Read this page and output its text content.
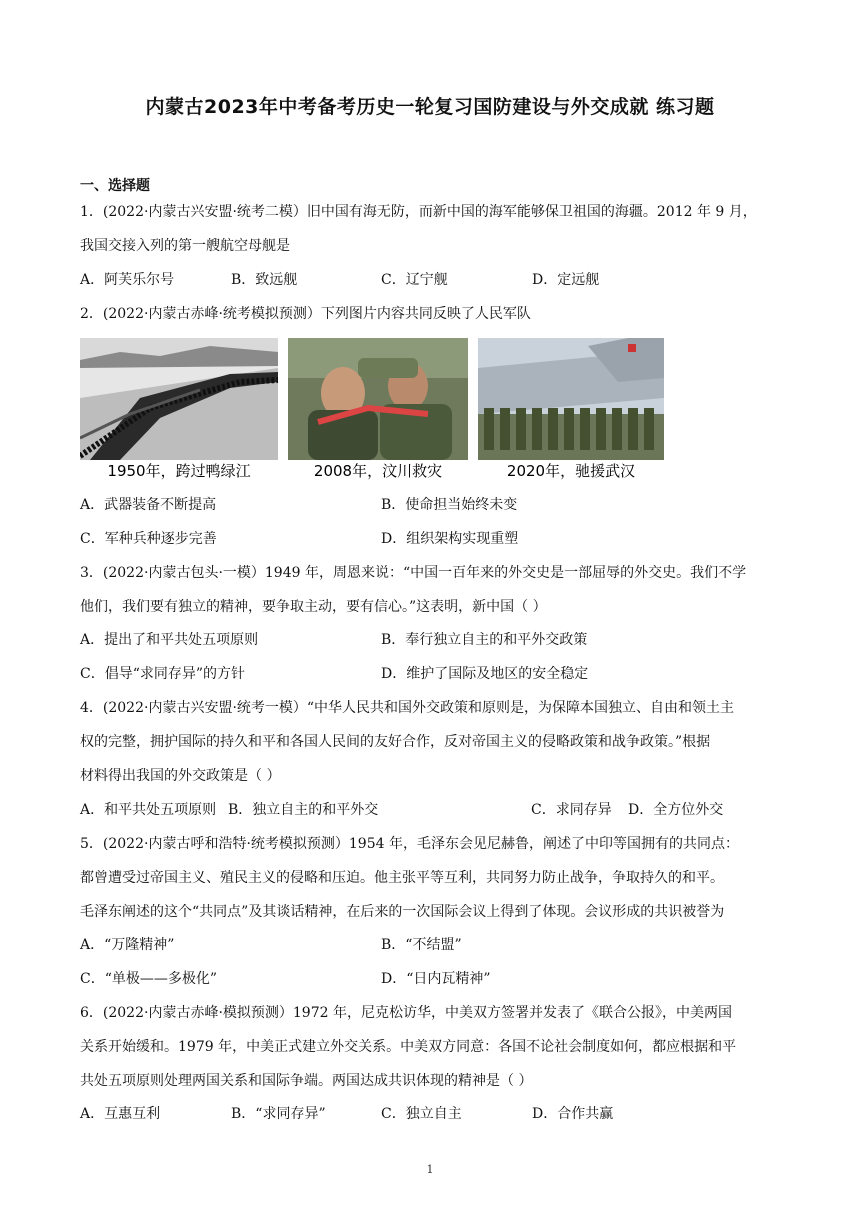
内蒙古2023年中考备考历史一轮复习国防建设与外交成就 练习题
一、选择题
1．(2022·内蒙古兴安盟·统考二模）旧中国有海无防，而新中国的海军能够保卫祖国的海疆。2012 年 9 月，
我国交接入列的第一艘航空母舰是
A．阿芙乐尔号	B．致远舰	C．辽宁舰	D．定远舰
2．(2022·内蒙古赤峰·统考模拟预测）下列图片内容共同反映了人民军队
1950年，跨过鸭绿江	2008年，汶川救灾	2020年，驰援武汉
A．武器装备不断提高	B．使命担当始终未变
C．军种兵种逐步完善	D．组织架构实现重塑
3．(2022·内蒙古包头·一模）1949 年，周恩来说：“中国一百年来的外交史是一部屈辱的外交史。我们不学
他们，我们要有独立的精神，要争取主动，要有信心。”这表明，新中国（ ）
A．提出了和平共处五项原则	B．奉行独立自主的和平外交政策
C．倡导“求同存异”的方针	D．维护了国际及地区的安全稳定
4．(2022·内蒙古兴安盟·统考一模）“中华人民共和国外交政策和原则是，为保障本国独立、自由和领土主
权的完整，拥护国际的持久和平和各国人民间的友好合作，反对帝国主义的侵略政策和战争政策。”根据
材料得出我国的外交政策是（ ）
A．和平共处五项原则 B．独立自主的和平外交	C．求同存异 D．全方位外交
5．(2022·内蒙古呼和浩特·统考模拟预测）1954 年，毛泽东会见尼赫鲁，阐述了中印等国拥有的共同点：
都曾遭受过帝国主义、殖民主义的侵略和压迫。他主张平等互利，共同努力防止战争，争取持久的和平。
毛泽东阐述的这个“共同点”及其谈话精神，在后来的一次国际会议上得到了体现。会议形成的共识被誉为
A．“万隆精神”	B．“不结盟”
C．“单极——多极化”	D．“日内瓦精神”
6．(2022·内蒙古赤峰·模拟预测）1972 年，尼克松访华，中美双方签署并发表了《联合公报》，中美两国
关系开始缓和。1979 年，中美正式建立外交关系。中美双方同意：各国不论社会制度如何，都应根据和平
共处五项原则处理两国关系和国际争端。两国达成共识体现的精神是（ ）
A．互惠互利	B．“求同存异”	C．独立自主	D．合作共赢
1
